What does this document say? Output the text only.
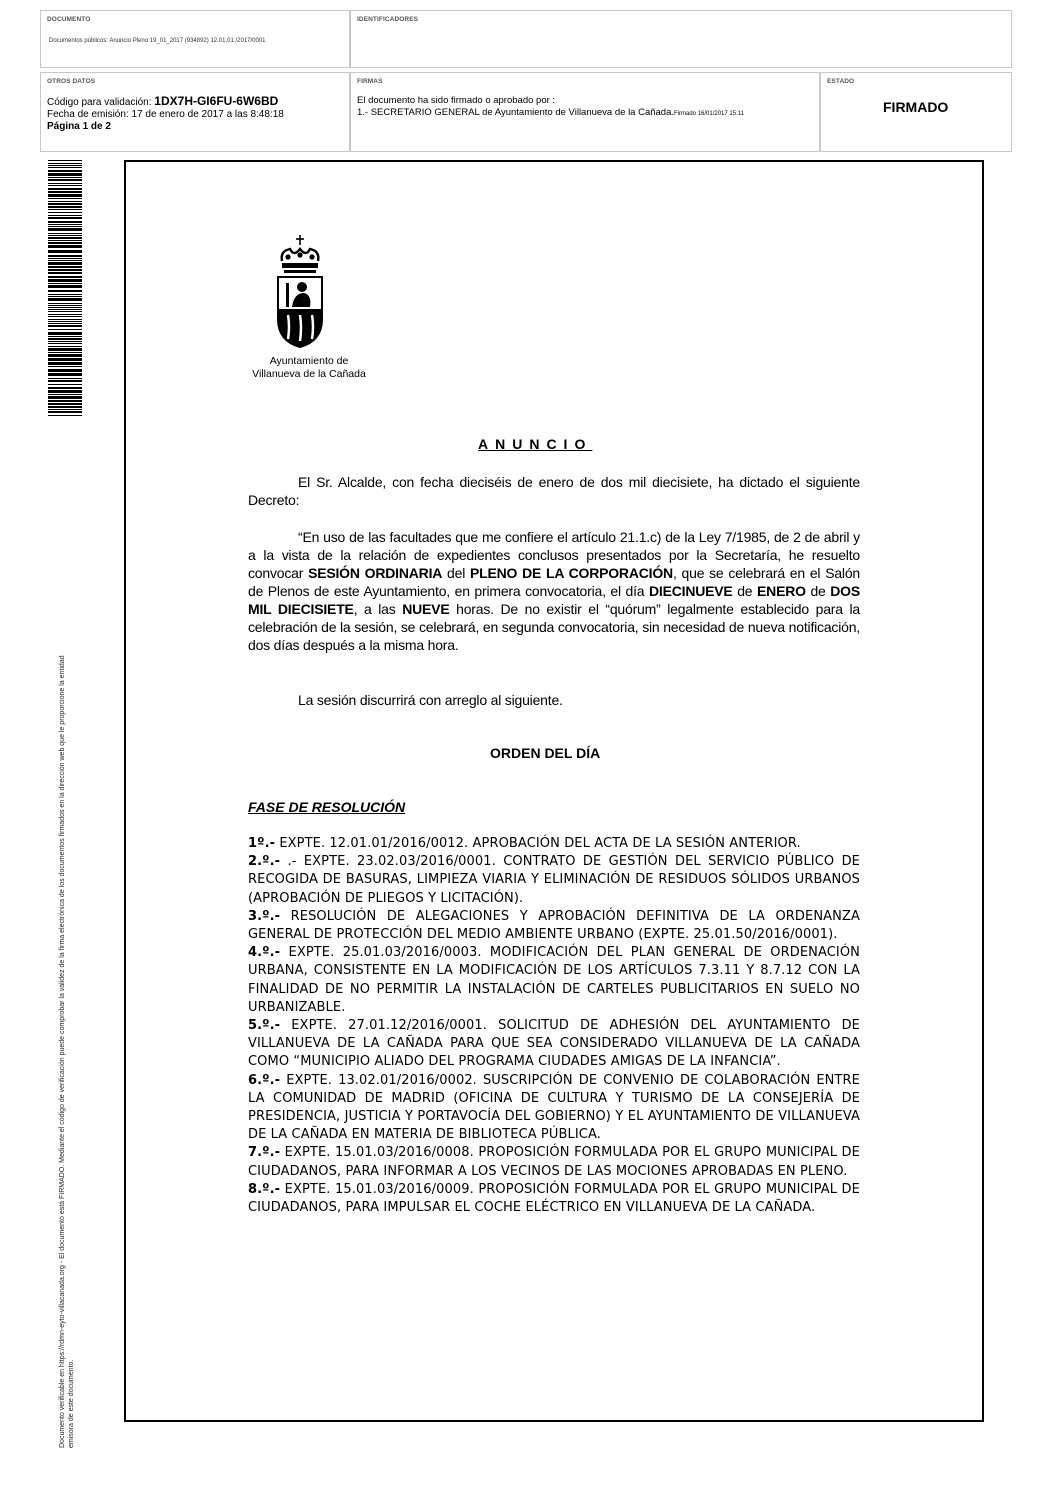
DOCUMENTO
Documentos públicos: Anuncio Pleno 19_01_2017 (934892) 12.01.01 /2017/0001
IDENTIFICADORES
OTROS DATOS
Código para validación: 1DX7H-GI6FU-6W6BD
Fecha de emisión: 17 de enero de 2017 a las 8:48:18
Página 1 de 2
FIRMAS
El documento ha sido firmado o aprobado por :
1.- SECRETARIO GENERAL de Ayuntamiento de Villanueva de la Cañada.Firmado 16/01/2017 15:11
ESTADO
FIRMADO
Documento verificable en https://rdmn-eyto-villacanada.org - El documento está FIRMADO. Mediante el código de verificación puede comprobar la validez de la firma electrónica de los documentos firmados en la dirección web que le proporcione la entidad emisora de este documento.
Ayuntamiento de
Villanueva de la Cañada
ANUNCIO
El Sr. Alcalde, con fecha dieciséis de enero de dos mil diecisiete, ha dictado el siguiente Decreto:
“En uso de las facultades que me confiere el artículo 21.1.c) de la Ley 7/1985, de 2 de abril y a la vista de la relación de expedientes conclusos presentados por la Secretaría, he resuelto convocar SESIÓN ORDINARIA del PLENO DE LA CORPORACIÓN, que se celebrará en el Salón de Plenos de este Ayuntamiento, en primera convocatoria, el día DIECINUEVE de ENERO de DOS MIL DIECISIETE, a las NUEVE horas. De no existir el “quórum” legalmente establecido para la celebración de la sesión, se celebrará, en segunda convocatoria, sin necesidad de nueva notificación, dos días después a la misma hora.
La sesión discurrirá con arreglo al siguiente.
ORDEN DEL DÍA
FASE DE RESOLUCIÓN

1º.- EXPTE. 12.01.01/2016/0012. APROBACIÓN DEL ACTA DE LA SESIÓN ANTERIOR.

2.º.- .- EXPTE. 23.02.03/2016/0001. CONTRATO DE GESTIÓN DEL SERVICIO PÚBLICO DE RECOGIDA DE BASURAS, LIMPIEZA VIARIA Y ELIMINACIÓN DE RESIDUOS SÓLIDOS URBANOS (APROBACIÓN DE PLIEGOS Y LICITACIÓN).

3.º.- RESOLUCIÓN DE ALEGACIONES Y APROBACIÓN DEFINITIVA DE LA ORDENANZA GENERAL DE PROTECCIÓN DEL MEDIO AMBIENTE URBANO (EXPTE. 25.01.50/2016/0001).

4.º.- EXPTE. 25.01.03/2016/0003. MODIFICACIÓN DEL PLAN GENERAL DE ORDENACIÓN URBANA, CONSISTENTE EN LA MODIFICACIÓN DE LOS ARTÍCULOS 7.3.11 Y 8.7.12 CON LA FINALIDAD DE NO PERMITIR LA INSTALACIÓN DE CARTELES PUBLICITARIOS EN SUELO NO URBANIZABLE.

5.º.- EXPTE. 27.01.12/2016/0001. SOLICITUD DE ADHESIÓN DEL AYUNTAMIENTO DE VILLANUEVA DE LA CAÑADA PARA QUE SEA CONSIDERADO VILLANUEVA DE LA CAÑADA COMO “MUNICIPIO ALIADO DEL PROGRAMA CIUDADES AMIGAS DE LA INFANCIA”.

6.º.- EXPTE. 13.02.01/2016/0002. SUSCRIPCIÓN DE CONVENIO DE COLABORACIÓN ENTRE LA COMUNIDAD DE MADRID (OFICINA DE CULTURA Y TURISMO DE LA CONSEJERÍA DE PRESIDENCIA, JUSTICIA Y PORTAVOCÍA DEL GOBIERNO) Y EL AYUNTAMIENTO DE VILLANUEVA DE LA CAÑADA EN MATERIA DE BIBLIOTECA PÚBLICA.

7.º.- EXPTE. 15.01.03/2016/0008. PROPOSICIÓN FORMULADA POR EL GRUPO MUNICIPAL DE CIUDADANOS, PARA INFORMAR A LOS VECINOS DE LAS MOCIONES APROBADAS EN PLENO.

8.º.- EXPTE. 15.01.03/2016/0009. PROPOSICIÓN FORMULADA POR EL GRUPO MUNICIPAL DE CIUDADANOS, PARA IMPULSAR EL COCHE ELÉCTRICO EN VILLANUEVA DE LA CAÑADA.
